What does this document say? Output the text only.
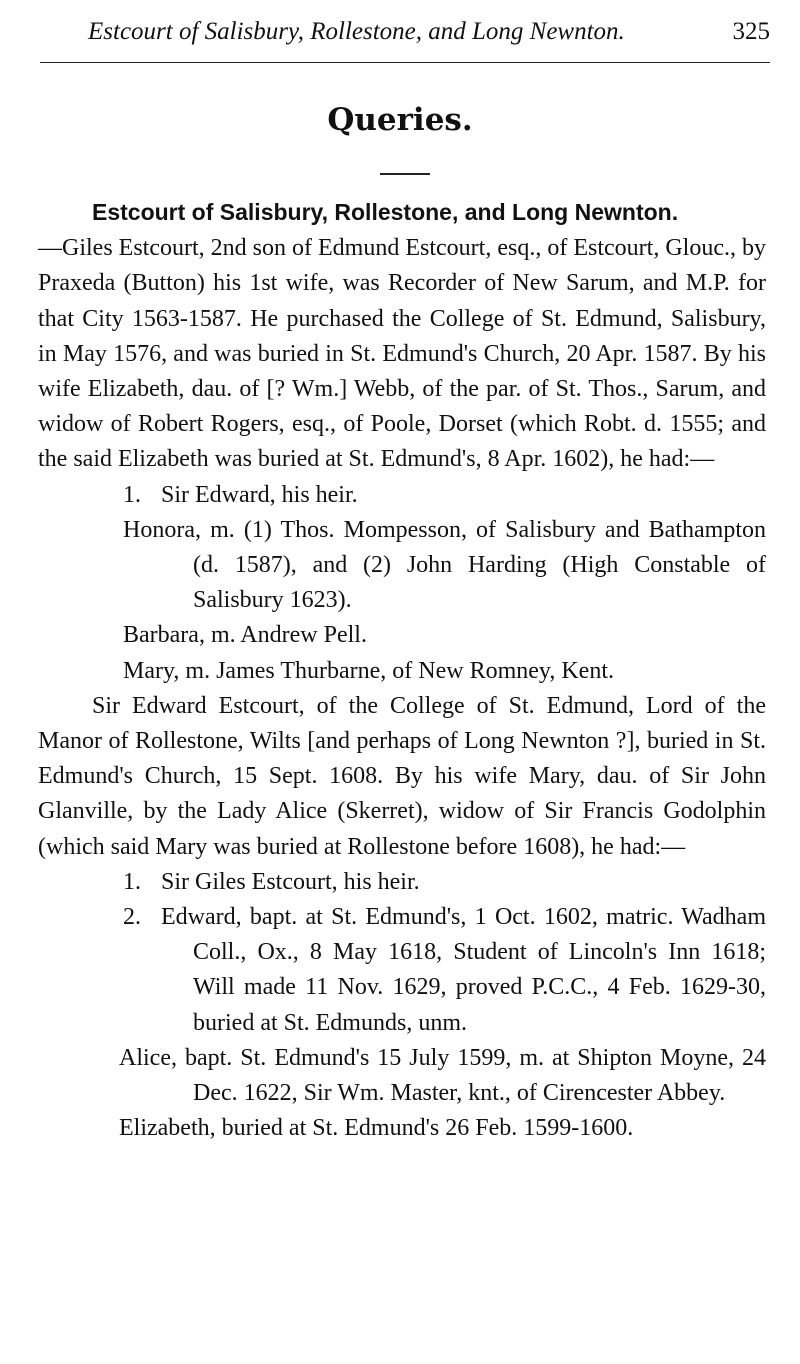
Estcourt of Salisbury, Rollestone, and Long Newnton.	325
Queries.

Estcourt of Salisbury, Rollestone, and Long Newnton.
—Giles Estcourt, 2nd son of Edmund Estcourt, esq., of Estcourt, Glouc., by Praxeda (Button) his 1st wife, was Recorder of New Sarum, and M.P. for that City 1563-1587. He purchased the College of St. Edmund, Salisbury, in May 1576, and was buried in St. Edmund's Church, 20 Apr. 1587. By his wife Elizabeth, dau. of [? Wm.] Webb, of the par. of St. Thos., Sarum, and widow of Robert Rogers, esq., of Poole, Dorset (which Robt. d. 1555; and the said Elizabeth was buried at St. Edmund's, 8 Apr. 1602), he had:—

1. Sir Edward, his heir.

Honora, m. (1) Thos. Mompesson, of Salisbury and Bathampton (d. 1587), and (2) John Harding (High Constable of Salisbury 1623).

Barbara, m. Andrew Pell.

Mary, m. James Thurbarne, of New Romney, Kent.

Sir Edward Estcourt, of the College of St. Edmund, Lord of the Manor of Rollestone, Wilts [and perhaps of Long Newnton ?], buried in St. Edmund's Church, 15 Sept. 1608. By his wife Mary, dau. of Sir John Glanville, by the Lady Alice (Skerret), widow of Sir Francis Godolphin (which said Mary was buried at Rollestone before 1608), he had:—

1. Sir Giles Estcourt, his heir.

2. Edward, bapt. at St. Edmund's, 1 Oct. 1602, matric. Wadham Coll., Ox., 8 May 1618, Student of Lincoln's Inn 1618; Will made 11 Nov. 1629, proved P.C.C., 4 Feb. 1629-30, buried at St. Edmunds, unm.

Alice, bapt. St. Edmund's 15 July 1599, m. at Shipton Moyne, 24 Dec. 1622, Sir Wm. Master, knt., of Cirencester Abbey.

Elizabeth, buried at St. Edmund's 26 Feb. 1599-1600.
